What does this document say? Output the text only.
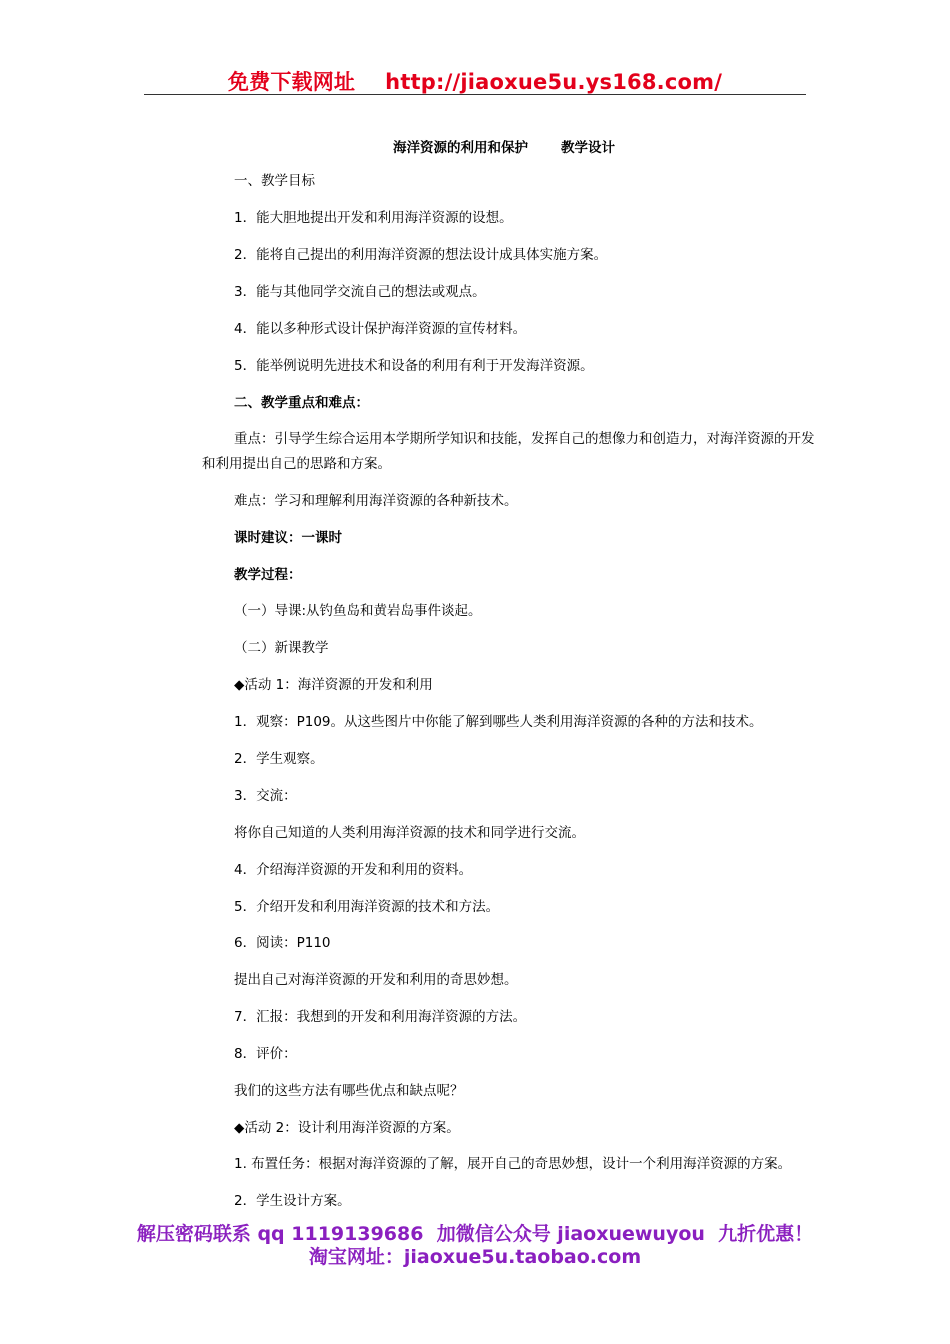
免费下载网址    http://jiaoxue5u.ys168.com/
海洋资源的利用和保护       教学设计
一、教学目标
1．能大胆地提出开发和利用海洋资源的设想。
2．能将自己提出的利用海洋资源的想法设计成具体实施方案。
3．能与其他同学交流自己的想法或观点。
4．能以多种形式设计保护海洋资源的宣传材料。
5．能举例说明先进技术和设备的利用有利于开发海洋资源。
二、教学重点和难点：
重点：引导学生综合运用本学期所学知识和技能，发挥自己的想像力和创造力，对海洋资源的开发和利用提出自己的思路和方案。
难点：学习和理解利用海洋资源的各种新技术。
课时建议：一课时
教学过程：
（一）导课:从钓鱼岛和黄岩岛事件谈起。
（二）新课教学
◆活动 1：海洋资源的开发和利用
1．观察：P109。从这些图片中你能了解到哪些人类利用海洋资源的各种的方法和技术。
2．学生观察。
3．交流：
将你自己知道的人类利用海洋资源的技术和同学进行交流。
4．介绍海洋资源的开发和利用的资料。
5．介绍开发和利用海洋资源的技术和方法。
6．阅读：P110
提出自己对海洋资源的开发和利用的奇思妙想。
7．汇报：我想到的开发和利用海洋资源的方法。
8．评价：
我们的这些方法有哪些优点和缺点呢？
◆活动 2：设计利用海洋资源的方案。
1. 布置任务：根据对海洋资源的了解，展开自己的奇思妙想，设计一个利用海洋资源的方案。
2．学生设计方案。
解压密码联系 qq 1119139686  加微信公众号 jiaoxuewuyou  九折优惠！
淘宝网址：jiaoxue5u.taobao.com
